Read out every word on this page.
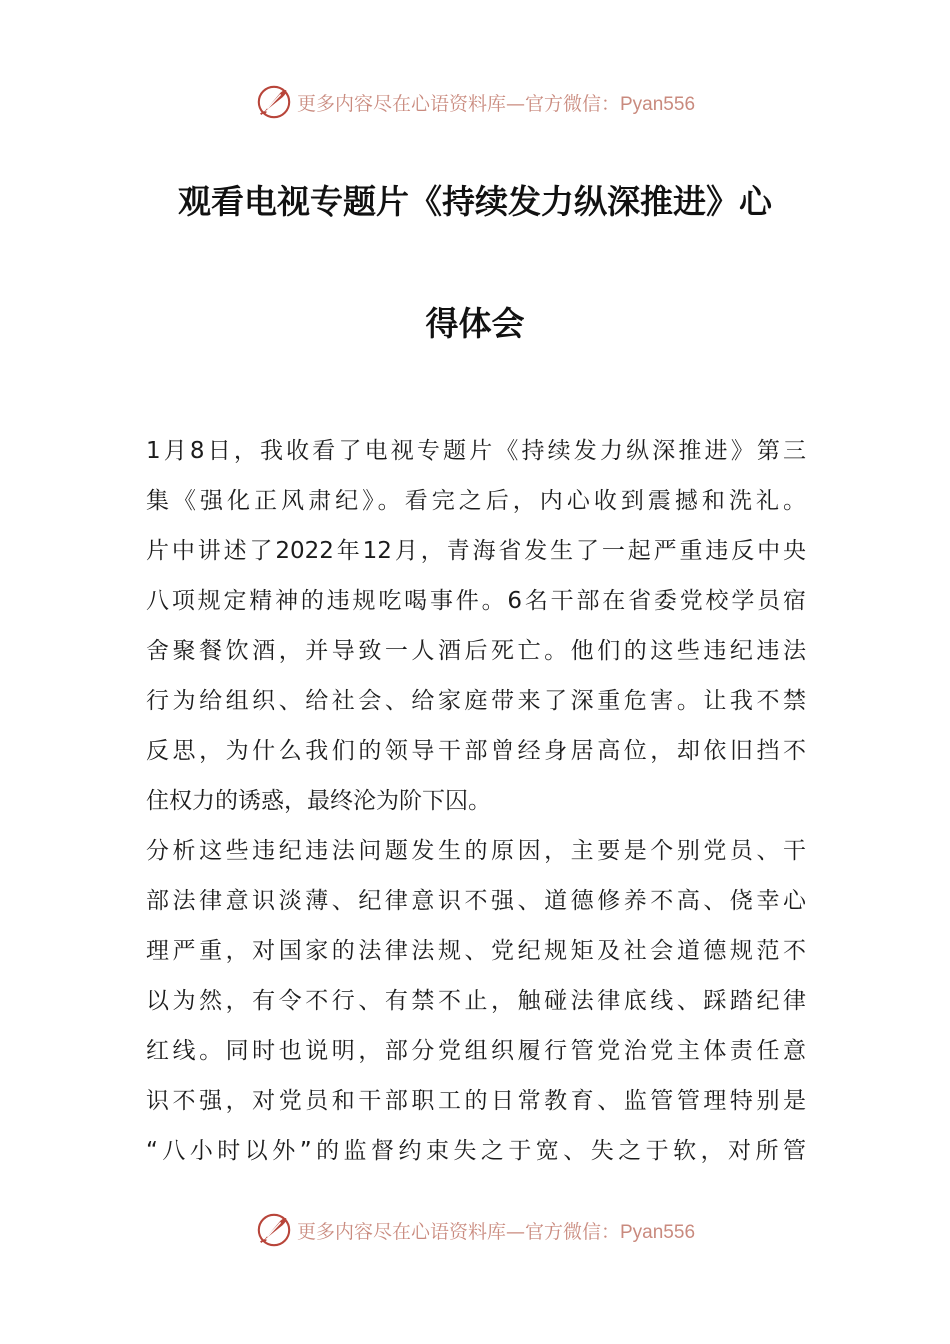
更多内容尽在心语资料库—官方微信：Pyan556
观看电视专题片《持续发力纵深推进》心
得体会
1月8日，我收看了电视专题片《持续发力纵深推进》第三
集《强化正风肃纪》。看完之后，内心收到震撼和洗礼。
片中讲述了2022年12月，青海省发生了一起严重违反中央
八项规定精神的违规吃喝事件。6名干部在省委党校学员宿
舍聚餐饮酒，并导致一人酒后死亡。他们的这些违纪违法
行为给组织、给社会、给家庭带来了深重危害。让我不禁
反思，为什么我们的领导干部曾经身居高位，却依旧挡不
住权力的诱惑，最终沦为阶下囚。
分析这些违纪违法问题发生的原因，主要是个别党员、干
部法律意识淡薄、纪律意识不强、道德修养不高、侥幸心
理严重，对国家的法律法规、党纪规矩及社会道德规范不
以为然，有令不行、有禁不止，触碰法律底线、踩踏纪律
红线。同时也说明，部分党组织履行管党治党主体责任意
识不强，对党员和干部职工的日常教育、监管管理特别是
“八小时以外”的监督约束失之于宽、失之于软，对所管
更多内容尽在心语资料库—官方微信：Pyan556
